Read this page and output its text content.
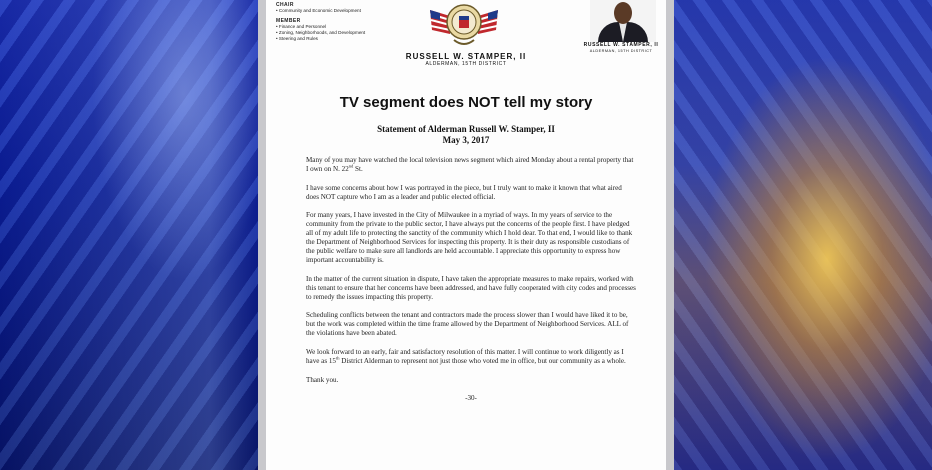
CHAIR
• Community and Economic Development
MEMBER
• Finance and Personnel
• Zoning, Neighborhoods, and Development
• Steering and Rules
RUSSELL W. STAMPER, II
ALDERMAN, 15TH DISTRICT
RUSSELL W. STAMPER, II
ALDERMAN, 15TH DISTRICT
TV segment does NOT tell my story
Statement of Alderman Russell W. Stamper, II
May 3, 2017

Many of you may have watched the local television news segment which aired Monday about a rental property that I own on N. 22nd St.

I have some concerns about how I was portrayed in the piece, but I truly want to make it known that what aired does NOT capture who I am as a leader and public elected official.

For many years, I have invested in the City of Milwaukee in a myriad of ways. In my years of service to the community from the private to the public sector, I have always put the concerns of the people first. I have pledged all of my adult life to protecting the sanctity of the community which I hold dear. To that end, I would like to thank the Department of Neighborhood Services for inspecting this property. It is their duty as responsible custodians of the public welfare to make sure all landlords are held accountable. I appreciate this opportunity to express how important accountability is.

In the matter of the current situation in dispute, I have taken the appropriate measures to make repairs, worked with this tenant to ensure that her concerns have been addressed, and have fully cooperated with city codes and processes to remedy the issues impacting this property.

Scheduling conflicts between the tenant and contractors made the process slower than I would have liked it to be, but the work was completed within the time frame allowed by the Department of Neighborhood Services. ALL of the violations have been abated.

We look forward to an early, fair and satisfactory resolution of this matter. I will continue to work diligently as I have as 15th District Alderman to represent not just those who voted me in office, but our community as a whole.

Thank you.

-30-
